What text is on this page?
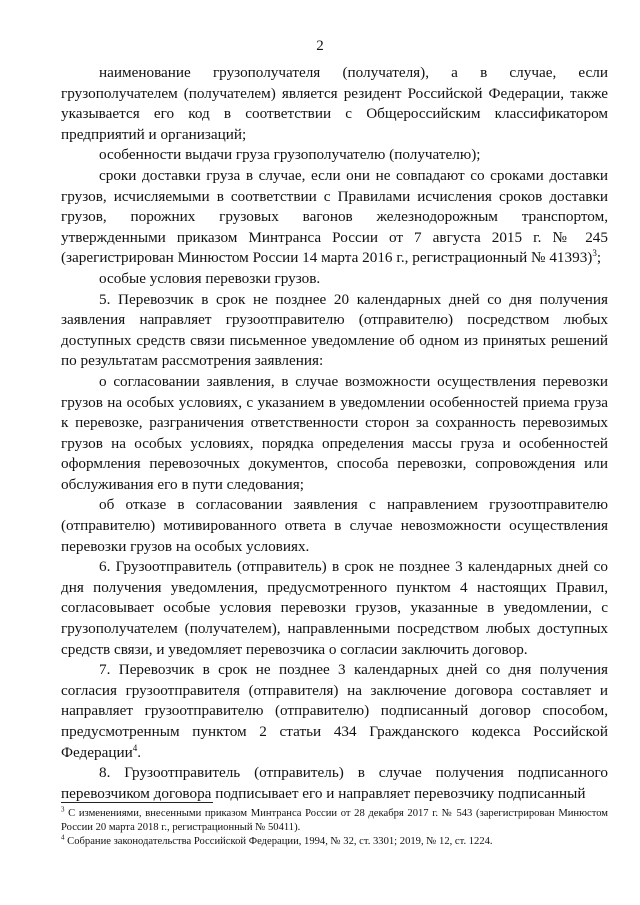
2

наименование грузополучателя (получателя), а в случае, если грузополучателем (получателем) является резидент Российской Федерации, также указывается его код в соответствии с Общероссийским классификатором предприятий и организаций;

особенности выдачи груза грузополучателю (получателю);

сроки доставки груза в случае, если они не совпадают со сроками доставки грузов, исчисляемыми в соответствии с Правилами исчисления сроков доставки грузов, порожних грузовых вагонов железнодорожным транспортом, утвержденными приказом Минтранса России от 7 августа 2015 г. № 245 (зарегистрирован Минюстом России 14 марта 2016 г., регистрационный № 41393)$^3$;

особые условия перевозки грузов.

5. Перевозчик в срок не позднее 20 календарных дней со дня получения заявления направляет грузоотправителю (отправителю) посредством любых доступных средств связи письменное уведомление об одном из принятых решений по результатам рассмотрения заявления:

о согласовании заявления, в случае возможности осуществления перевозки грузов на особых условиях, с указанием в уведомлении особенностей приема груза к перевозке, разграничения ответственности сторон за сохранность перевозимых грузов на особых условиях, порядка определения массы груза и особенностей оформления перевозочных документов, способа перевозки, сопровождения или обслуживания его в пути следования;

об отказе в согласовании заявления с направлением грузоотправителю (отправителю) мотивированного ответа в случае невозможности осуществления перевозки грузов на особых условиях.

6. Грузоотправитель (отправитель) в срок не позднее 3 календарных дней со дня получения уведомления, предусмотренного пунктом 4 настоящих Правил, согласовывает особые условия перевозки грузов, указанные в уведомлении, с грузополучателем (получателем), направленными посредством любых доступных средств связи, и уведомляет перевозчика о согласии заключить договор.

7. Перевозчик в срок не позднее 3 календарных дней со дня получения согласия грузоотправителя (отправителя) на заключение договора составляет и направляет грузоотправителю (отправителю) подписанный договор способом, предусмотренным пунктом 2 статьи 434 Гражданского кодекса Российской Федерации$^4$.

8. Грузоотправитель (отправитель) в случае получения подписанного перевозчиком договора подписывает его и направляет перевозчику подписанный

$^3$ С изменениями, внесенными приказом Минтранса России от 28 декабря 2017 г. № 543 (зарегистрирован Минюстом России 20 марта 2018 г., регистрационный № 50411).

$^4$ Собрание законодательства Российской Федерации, 1994, № 32, ст. 3301; 2019, № 12, ст. 1224.
